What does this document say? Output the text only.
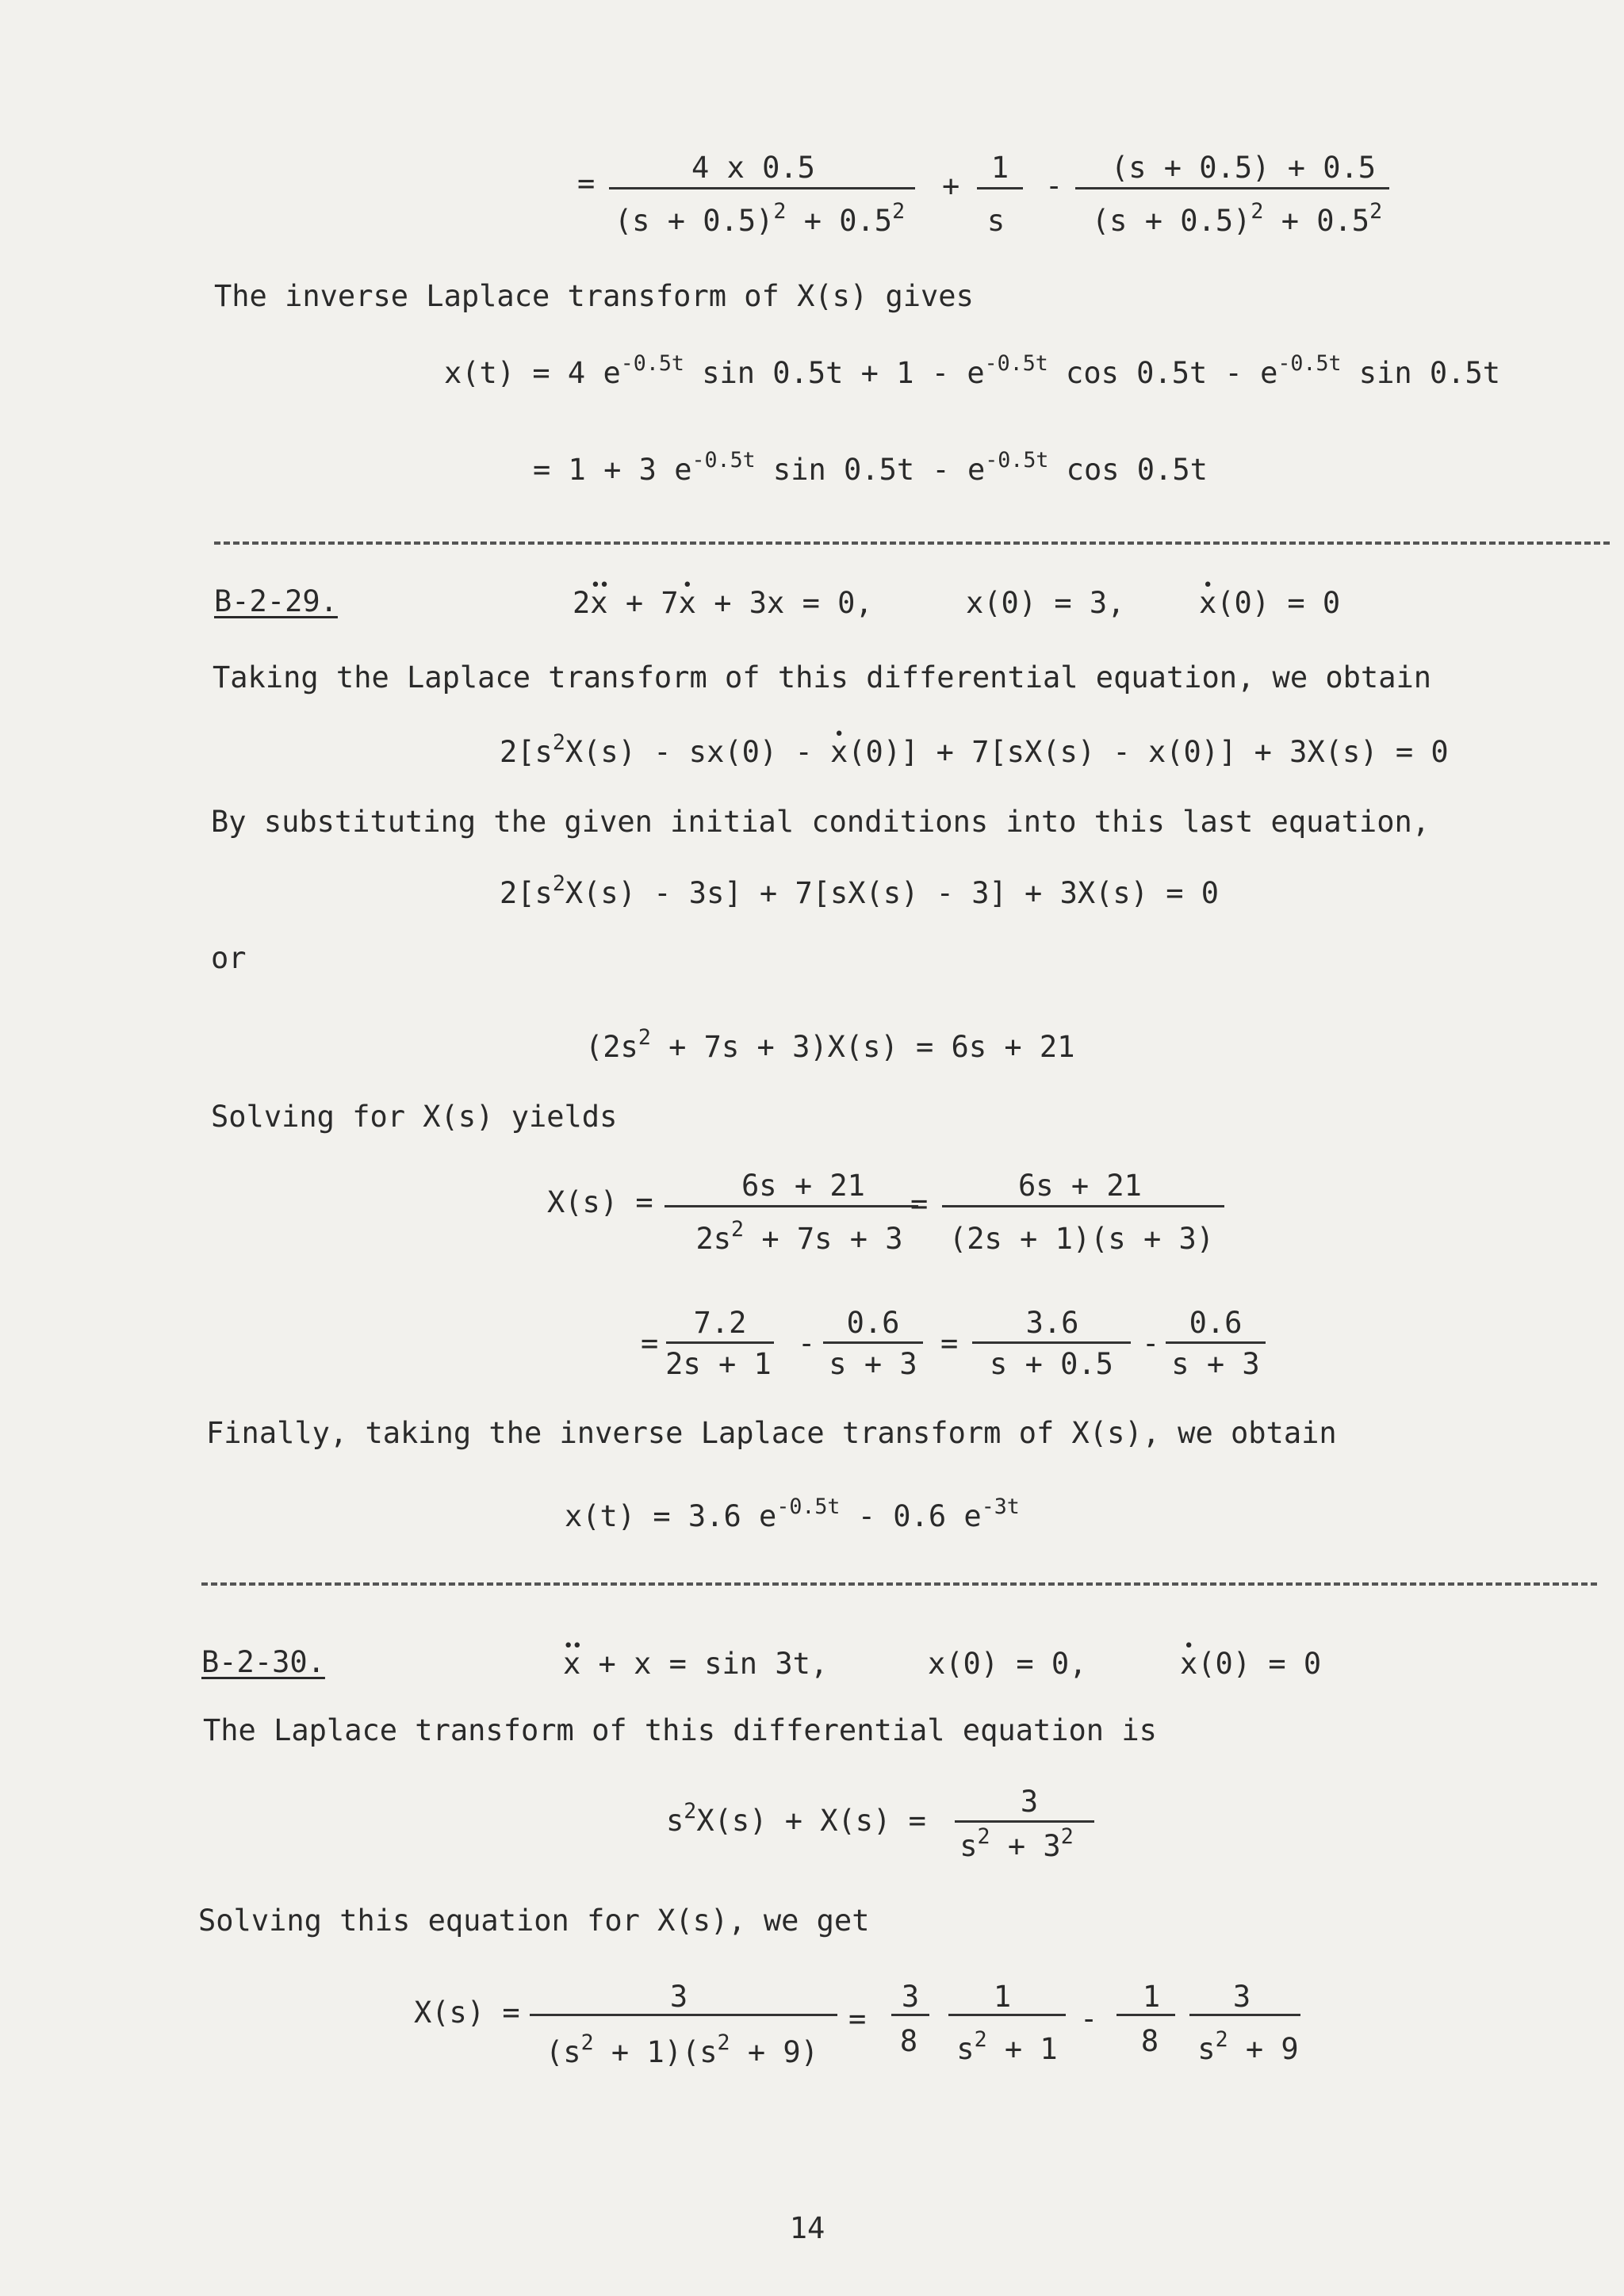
=	4 x 0.5
$(s + 0.5)^2 + 0.5^2$
+
1
s
-
(s + 0.5) + 0.5
$(s + 0.5)^2 + 0.5^2$
The inverse Laplace transform of X(s) gives
x(t) = 4 $e^{-0.5t}$ $\sin 0.5t + 1 - e^{-0.5t}$ $\cos 0.5t - e^{-0.5t}$ sin 0.5t
= 1 + 3 $e^{-0.5t}$ $\sin 0.5t - e^{-0.5t}$ cos 0.5t
B-2-29.	2•• x + 7• x + 3x = 0,	x(0) = 3,	• x(0) = 0
Taking the Laplace transform of this differential equation, we obtain
$2[s^2X(s) - sx(0)$ - • x(0)] + 7[sX(s) - x(0)] + 3X(s) = 0
By substituting the given initial conditions into this last equation,
$2[s^2X(s) - 3s] + 7[sX(s) - 3] + 3X(s) = 0$
or
$(2s^2 + 7s + 3)X(s) = 6s + 21$
Solving for X(s) yields
X(s) =	6s + 21
$2s^2 + 7s + 3$
=
6s + 21
(2s + 1)(s + 3)
=
7.2
2s + 1
-
0.6
s + 3
=
3.6
s + 0.5
-
0.6
s + 3
Finally, taking the inverse Laplace transform of X(s), we obtain
x(t) = 3.6 $e^{-0.5t} - 0.6$ $e^{-3t}$
B-2-30.	•• x + x = sin 3t,	x(0) = 0,	• x(0) = 0
The Laplace transform of this differential equation is
$s^2X(s) + X(s)$ =
3
$s^2 + 3^2$
Solving this equation for X(s), we get
X(s) =	3
$(s^2 + 1)(s^2 + 9)$
=
3
8
1
$s^2 + 1$
-
1
8
3
$s^2 + 9$
14
